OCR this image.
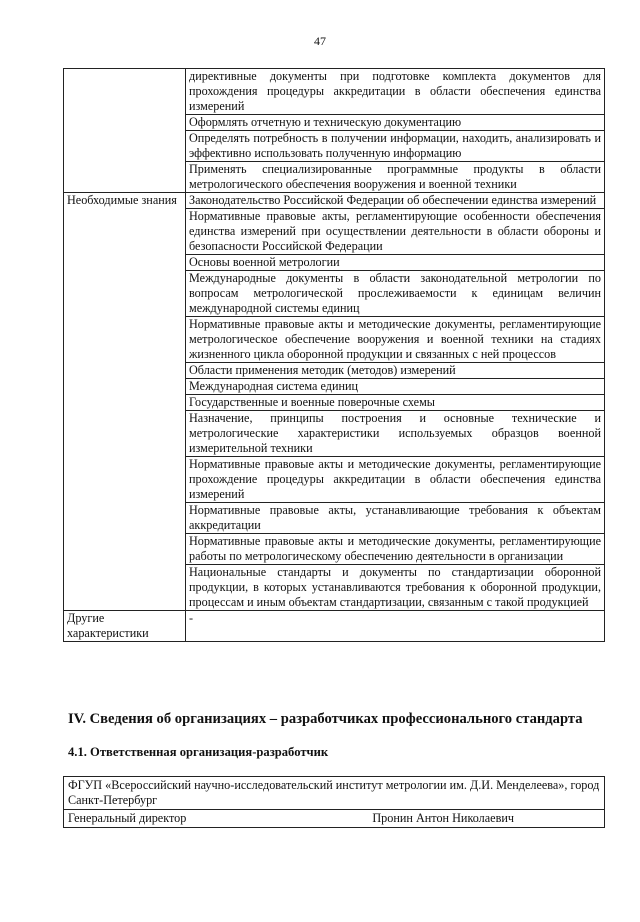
47
	директивные документы при подготовке комплекта документов для прохождения процедуры аккредитации в области обеспечения единства измерений
	Оформлять отчетную и техническую документацию
	Определять потребность в получении информации, находить, анализировать и эффективно использовать полученную информацию
	Применять специализированные программные продукты в области метрологического обеспечения вооружения и военной техники
Необходимые знания	Законодательство Российской Федерации об обеспечении единства измерений
	Нормативные правовые акты, регламентирующие особенности обеспечения единства измерений при осуществлении деятельности в области обороны и безопасности Российской Федерации
	Основы военной метрологии
	Международные документы в области законодательной метрологии по вопросам метрологической прослеживаемости к единицам величин международной системы единиц
	Нормативные правовые акты и методические документы, регламентирующие метрологическое обеспечение вооружения и военной техники на стадиях жизненного цикла оборонной продукции и связанных с ней процессов
	Области применения методик (методов) измерений
	Международная система единиц
	Государственные и военные поверочные схемы
	Назначение, принципы построения и основные технические и метрологические характеристики используемых образцов военной измерительной техники
	Нормативные правовые акты и методические документы, регламентирующие прохождение процедуры аккредитации в области обеспечения единства измерений
	Нормативные правовые акты, устанавливающие требования к объектам аккредитации
	Нормативные правовые акты и методические документы, регламентирующие работы по метрологическому обеспечению деятельности в организации
	Национальные стандарты и документы по стандартизации оборонной продукции, в которых устанавливаются требования к оборонной продукции, процессам и иным объектам стандартизации, связанным с такой продукцией
Другие характеристики	-
IV. Сведения об организациях – разработчиках профессионального стандарта
4.1. Ответственная организация-разработчик
ФГУП «Всероссийский научно-исследовательский институт метрологии им. Д.И. Менделеева», город Санкт-Петербург

Генеральный директор	Пронин Антон Николаевич
